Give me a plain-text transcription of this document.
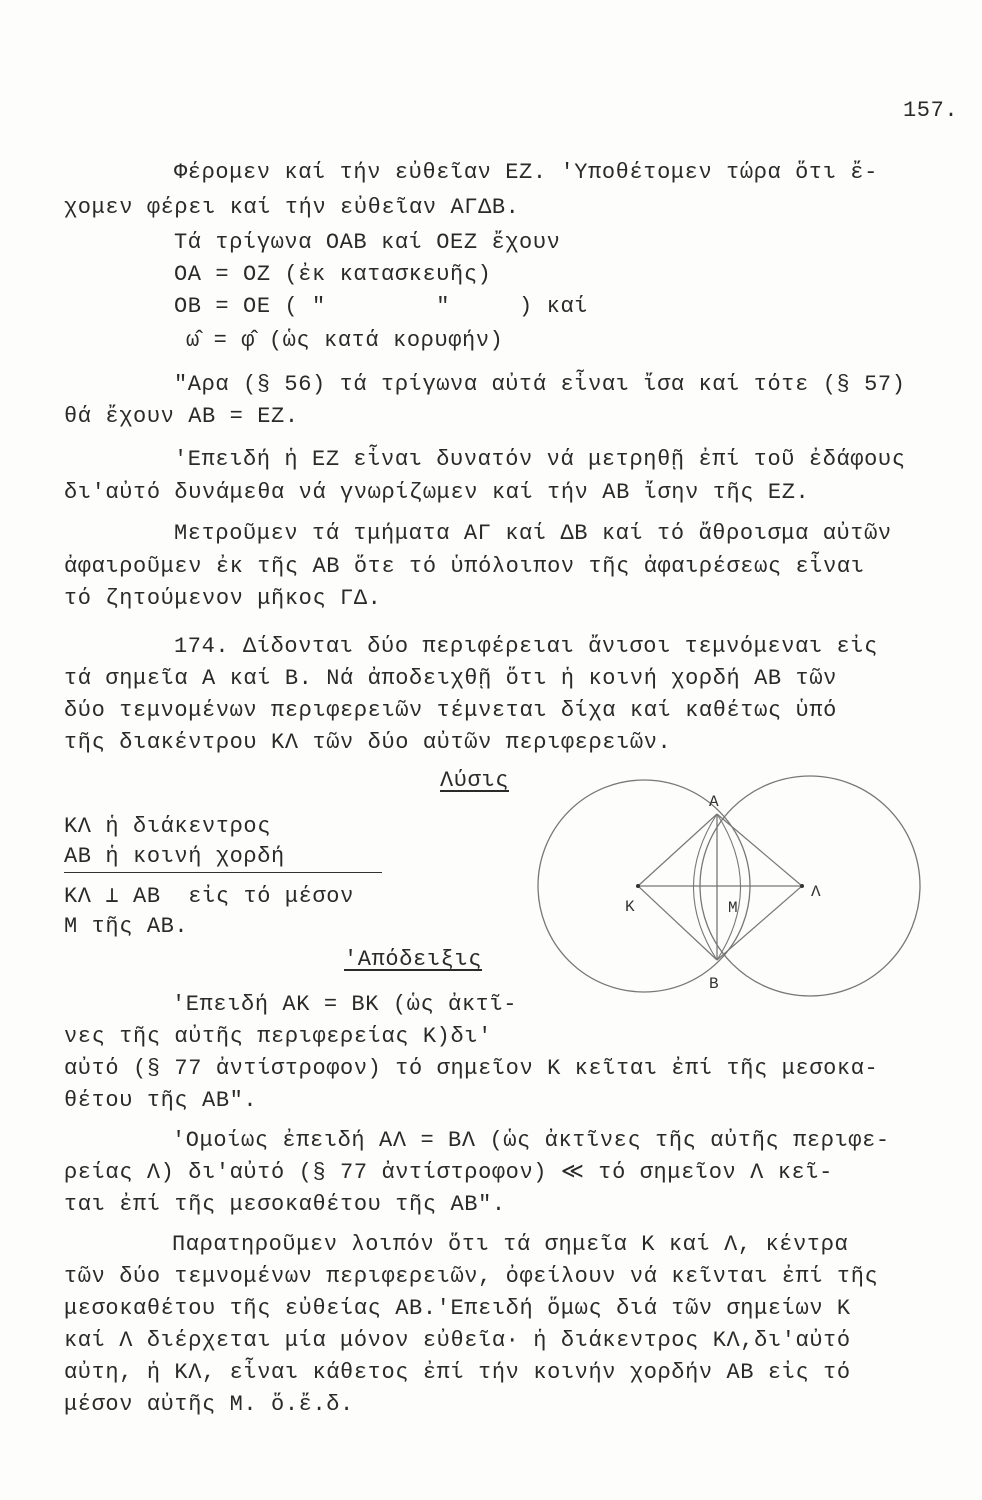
157.
Φέρομεν καί τήν εὐθεῖαν ΕΖ. 'Υποθέτομεν τώρα ὅτι ἔ-
χομεν φέρει καί τήν εὐθεῖαν ΑΓΔΒ.
Τά τρίγωνα ΟΑΒ καί ΟΕΖ ἔχουν
ΟΑ = ΟΖ (ἐκ κατασκευῆς)
ΟΒ = ΟΕ ( "        "     ) καί
ω̂ = φ̂ (ὡς κατά κορυφήν)
"Αρα (§ 56) τά τρίγωνα αὐτά εἶναι ἴσα καί τότε (§ 57)
θά ἔχουν ΑΒ = ΕΖ.
'Επειδή ἡ ΕΖ εἶναι δυνατόν νά μετρηθῇ ἐπί τοῦ ἐδάφους
δι'αὐτό δυνάμεθα νά γνωρίζωμεν καί τήν ΑΒ ἴσην τῆς ΕΖ.
Μετροῦμεν τά τμήματα ΑΓ καί ΔΒ καί τό ἄθροισμα αὐτῶν
ἀφαιροῦμεν ἐκ τῆς ΑΒ ὅτε τό ὑπόλοιπον τῆς ἀφαιρέσεως εἶναι
τό ζητούμενον μῆκος ΓΔ.
174. Δίδονται δύο περιφέρειαι ἄνισοι τεμνόμεναι εἰς
τά σημεῖα Α καί Β. Νά ἀποδειχθῇ ὅτι ἡ κοινή χορδή ΑΒ τῶν
δύο τεμνομένων περιφερειῶν τέμνεται δίχα καί καθέτως ὑπό
τῆς διακέντρου ΚΛ τῶν δύο αὐτῶν περιφερειῶν.
Λύσις
ΚΛ ἡ διάκεντρος
ΑΒ ἡ κοινή χορδή
ΚΛ ⊥ ΑΒ  εἰς τό μέσον
Μ τῆς ΑΒ.
'Απόδειξις
'Επειδή ΑΚ = ΒΚ (ὡς ἀκτῖ-
νες τῆς αὐτῆς περιφερείας Κ)δι'
αὐτό (§ 77 ἀντίστροφον) τό σημεῖον Κ κεῖται ἐπί τῆς μεσοκα-
θέτου τῆς ΑΒ".
'Ομοίως ἐπειδή ΑΛ = ΒΛ (ὡς ἀκτῖνες τῆς αὐτῆς περιφε-
ρείας Λ) δι'αὐτό (§ 77 ἀντίστροφον) ≪ τό σημεῖον Λ κεῖ-
ται ἐπί τῆς μεσοκαθέτου τῆς ΑΒ".
Παρατηροῦμεν λοιπόν ὅτι τά σημεῖα Κ καί Λ, κέντρα
τῶν δύο τεμνομένων περιφερειῶν, ὀφείλουν νά κεῖνται ἐπί τῆς
μεσοκαθέτου τῆς εὐθείας ΑΒ.'Επειδή ὅμως διά τῶν σημείων Κ
καί Λ διέρχεται μία μόνον εὐθεῖα· ἡ διάκεντρος ΚΛ,δι'αὐτό
αὐτη, ἡ ΚΛ, εἶναι κάθετος ἐπί τήν κοινήν χορδήν ΑΒ εἰς τό
μέσον αὐτῆς Μ. ὅ.ἔ.δ.
Α
Β
Κ
Λ
Μ
